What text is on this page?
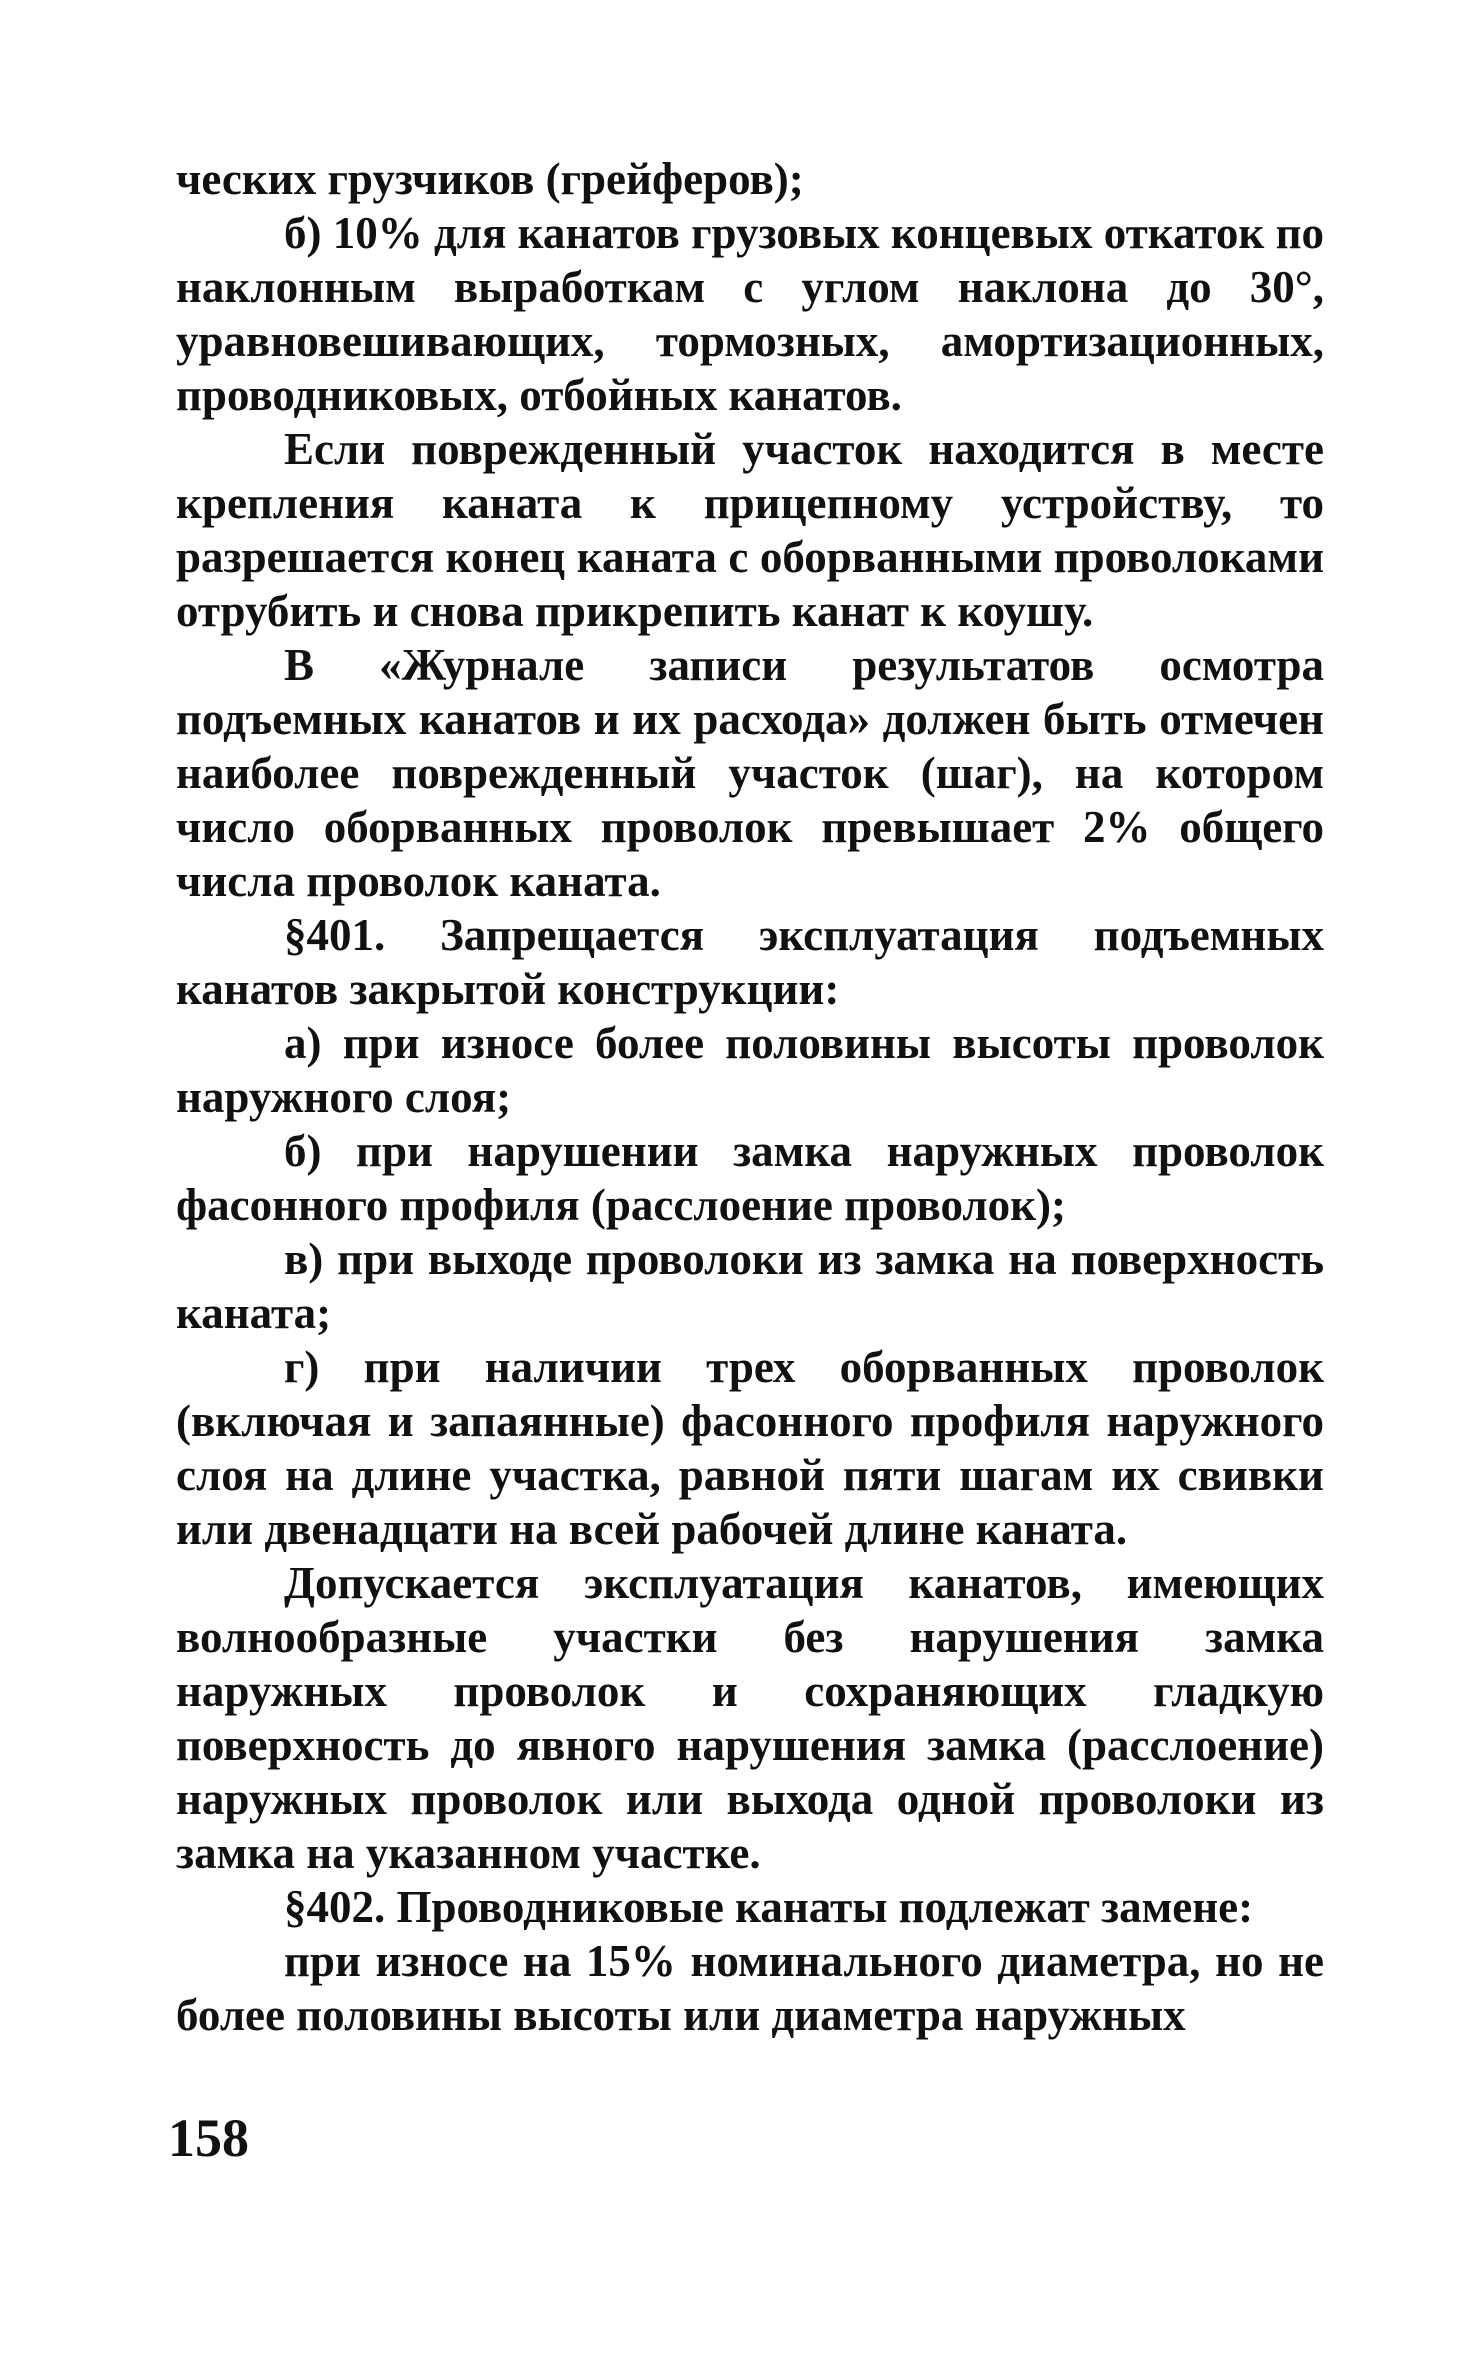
ческих грузчиков (грейферов);

б) 10% для канатов грузовых концевых откаток по наклонным выработкам с углом наклона до 30°, уравновешивающих, тормозных, амортизационных, проводниковых, отбойных канатов.

Если поврежденный участок находится в месте крепления каната к прицепному устройству, то разрешается конец каната с оборванными проволоками отрубить и снова прикрепить канат к коушу.

В «Журнале записи результатов осмотра подъемных канатов и их расхода» должен быть отмечен наиболее поврежденный участок (шаг), на котором число оборванных проволок превышает 2% общего числа проволок каната.

§401. Запрещается эксплуатация подъемных канатов закрытой конструкции:

а) при износе более половины высоты проволок наружного слоя;

б) при нарушении замка наружных проволок фасонного профиля (расслоение проволок);

в) при выходе проволоки из замка на поверхность каната;

г) при наличии трех оборванных проволок (включая и запаянные) фасонного профиля наружного слоя на длине участка, равной пяти шагам их свивки или двенадцати на всей рабочей длине каната.

Допускается эксплуатация канатов, имеющих волнообразные участки без нарушения замка наружных проволок и сохраняющих гладкую поверхность до явного нарушения замка (расслоение) наружных проволок или выхода одной проволоки из замка на указанном участке.

§402. Проводниковые канаты подлежат замене:

при износе на 15% номинального диаметра, но не более половины высоты или диаметра наружных

158
